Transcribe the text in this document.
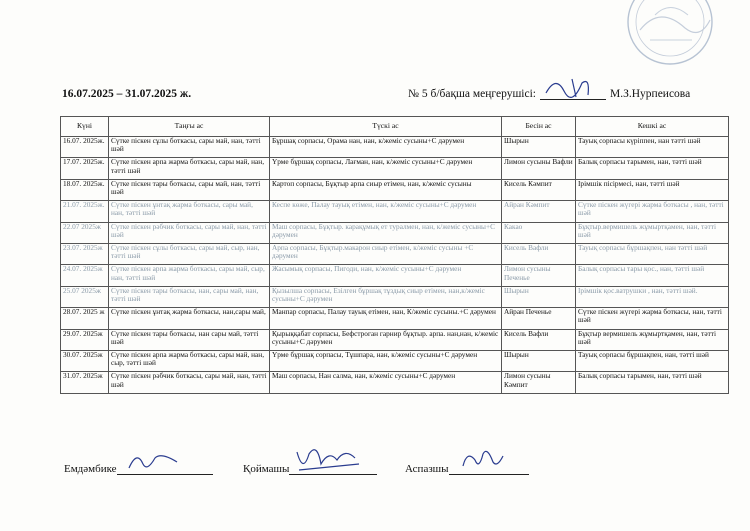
16.07.2025 – 31.07.2025 ж.	№ 5 б/бақша меңгерушісі:	М.З.Нурпеисова
Күні	Таңғы ас	Түскі ас	Бесін ас	Кешкі ас
16.07. 2025ж.	Сүтке піскен сұлы боткасы, сары май, нан, тәтті шәй	Бұршақ сорпасы, Орама нан, нан, к/жеміс сусыны+С дәрумен	Шырын	Тауық сорпасы күріппен, нан тәтті шәй
17.07. 2025ж.	Сүтке піскен арпа жарма боткасы, сары май, нан, тәтті шәй	Үрме бұршақ сорпасы, Лағман, нан, к/жеміс сусыны+С дәрумен	Лимон сусыны Вафли	Балық сорпасы тарымен, нан, тәтті шәй
18.07. 2025ж.	Сүтке піскен тары боткасы, сары май, нан, тәтті шәй	Картоп сорпасы, Бұқтыр арпа сиыр етімен, нан, к/жеміс сусыны	Кисель Кәмпит	Ірімшік пісірмесі, нан, тәтті шәй
21.07. 2025ж.	Сүтке піскен ұнтақ жарма боткасы, сары май, нан, тәтті шәй	Кеспе көже, Палау тауық етімен, нан, к/жеміс сусыны+С дәрумен	Айран Кәмпит	Сүтке піскен жүгері жарма боткасы , нан, тәтті шәй
22.07 2025ж	Сүтке піскен рәбчик боткасы, сары май, нан, тәтті шәй	Маш сорпасы, Бұқтыр. карақұмық ет туралмен, нан, к/жеміс сусыны+С дәрумен	Какао	Бұқтыр.вермишель жұмыртқамен, нан, тәтті шәй
23.07. 2025ж	Сүтке піскен сұлы боткасы, сары май, сыр, нан, тәтті шәй	Арпа сорпасы, Бұқтыр.макарон сиыр етімен, к/жеміс сусыны +С дәрумен	Кисель Вафли	Тауық сорпасы бұршақпен, нан тәтті шәй
24.07. 2025ж	Сүтке піскен арпа жарма боткасы, сары май, сыр, нан, тәтті шәй	Жасымық сорпасы, Пигоди, нан, к/жеміс сусыны+С дәрумен	Лимон сусыны Печенье	Балық сорпасы тары қос., нан, тәтті шәй
25.07 2025ж	Сүтке піскен тары боткасы, нан, сары май, нан, тәтті шәй	Қызылша сорпасы, Езілген бұршақ тұздық сиыр етімен, нан,к/жеміс сусыны+С дәрумен	Шырын	Ірімшік қос.ватрушки , нан, тәтті шәй.
28.07. 2025 ж	Сүтке піскен ұнтақ жарма боткасы, нан,сары май,	Манпар сорпасы, Палау тауық етімен, нан, К/жеміс сусыны.+С дәрумен	Айран Печенье	Сүтке піскен жүгері жарма боткасы, нан, тәтті шәй
29.07. 2025ж	Сүтке піскен тары боткасы, нан сары май, тәтті шәй	Қырыққабат сорпасы, Бефстроган гарнир бұқтыр. арпа. нан,нан, к/жеміс сусыны+С дәрумен	Кисель Вафли	Бұқтыр вермишель жұмыртқамен, нан, тәтті шәй
30.07. 2025ж	Сүтке піскен арпа жарма боткасы, сары май, нан, сыр, тәтті шәй	Үрме бұршақ сорпасы, Тұшпара, нан, к/жеміс сусыны+С дәрумен	Шырын	Тауық сорпасы бұршақпен, нан, тәтті шәй
31.07. 2025ж	Сүтке піскен рәбчик боткасы, сары май, нан, тәтті шәй	Маш сорпасы, Нан салма, нан, к/жеміс сусыны+С дәрумен	Лимон сусыны Кәмпит	Балық сорпасы тарымен, нан, тәтті шәй
Емдәмбике	Қоймашы	Аспазшы
